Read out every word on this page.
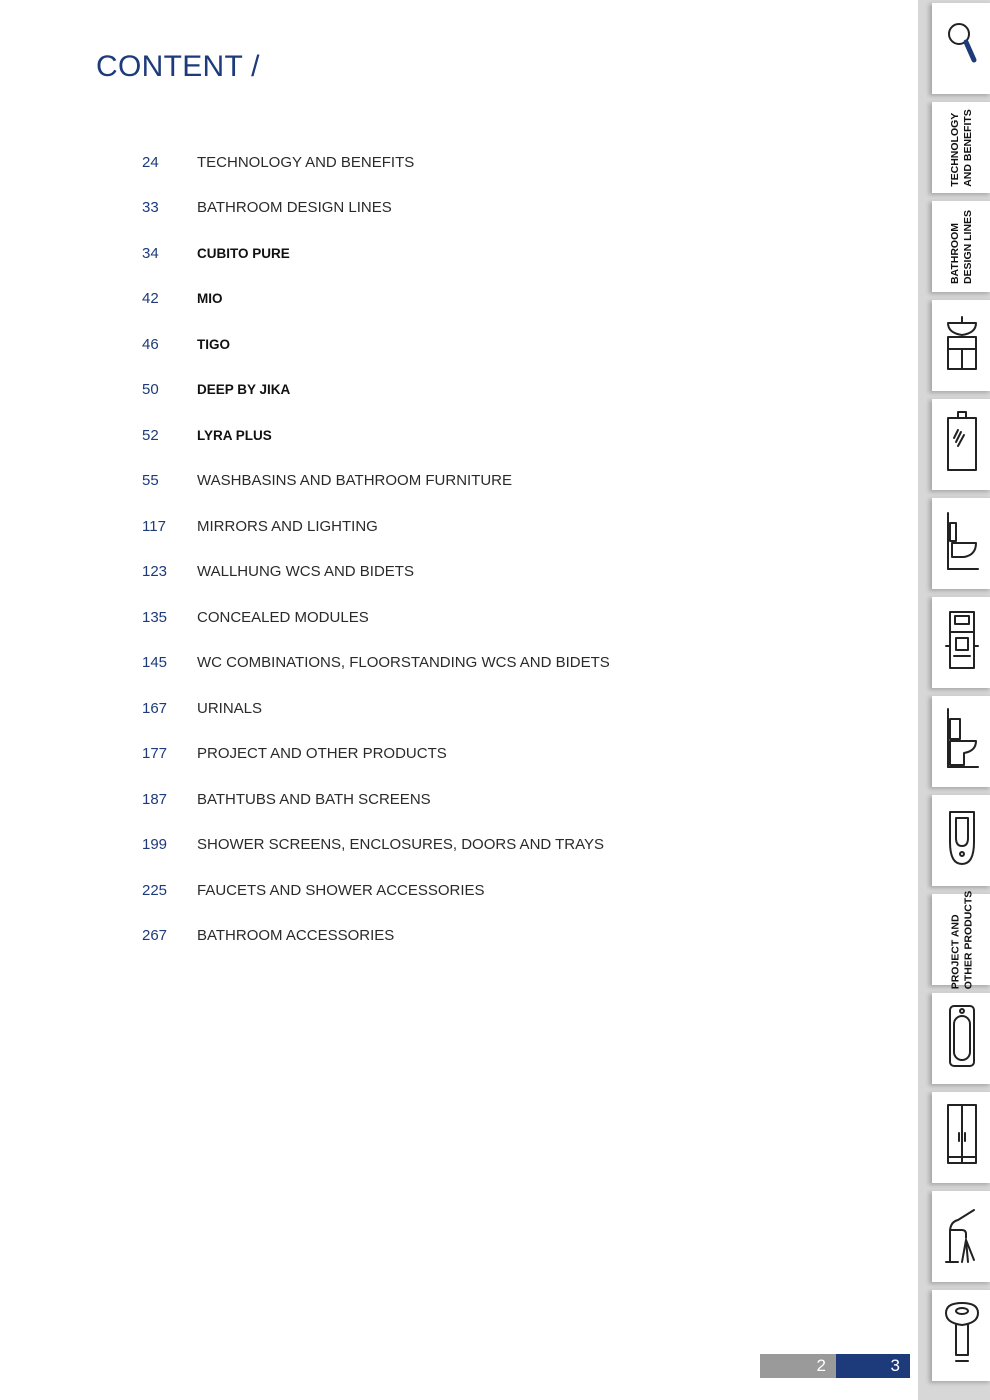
CONTENT /
24	TECHNOLOGY AND BENEFITS
33	BATHROOM DESIGN LINES
34	CUBITO PURE
42	MIO
46	TIGO
50	DEEP BY JIKA
52	LYRA PLUS
55	WASHBASINS AND BATHROOM FURNITURE
117	MIRRORS AND LIGHTING
123	WALLHUNG WCS AND BIDETS
135	CONCEALED MODULES
145	WC COMBINATIONS, FLOORSTANDING WCS AND BIDETS
167	URINALS
177	PROJECT AND OTHER PRODUCTS
187	BATHTUBS AND BATH SCREENS
199	SHOWER SCREENS, ENCLOSURES, DOORS AND TRAYS
225	FAUCETS AND SHOWER ACCESSORIES
267	BATHROOM ACCESSORIES
TECHNOLOGY AND BENEFITS
BATHROOM DESIGN LINES
PROJECT AND OTHER PRODUCTS
2	3
